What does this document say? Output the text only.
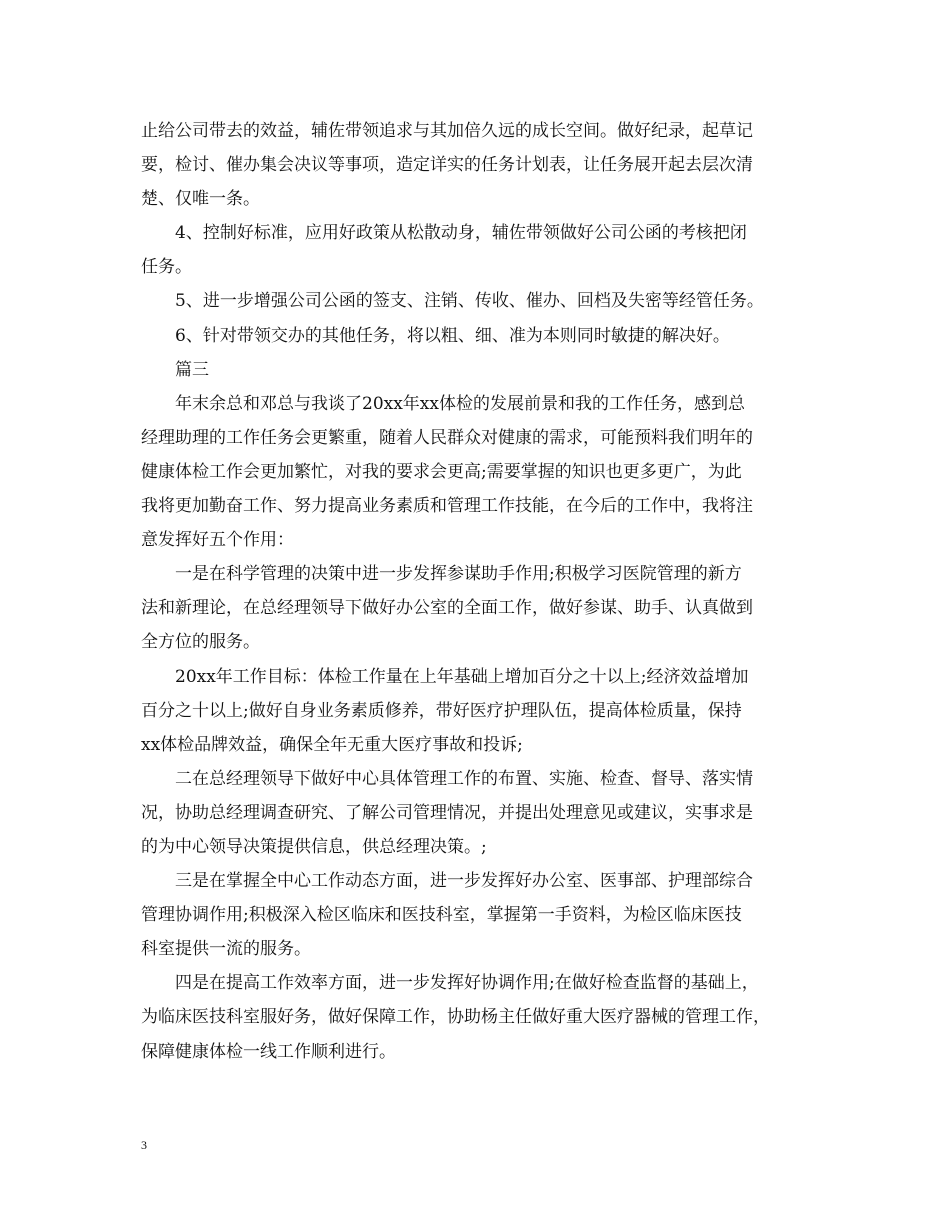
止给公司带去的效益，辅佐带领追求与其加倍久远的成长空间。做好纪录，起草记
要，检讨、催办集会决议等事项，造定详实的任务计划表，让任务展开起去层次清
楚、仅唯一条。
4、控制好标准，应用好政策从松散动身，辅佐带领做好公司公函的考核把闭
任务。
5、进一步增强公司公函的签支、注销、传收、催办、回档及失密等经管任务。
6、针对带领交办的其他任务，将以粗、细、准为本则同时敏捷的解决好。
篇三
年末余总和邓总与我谈了20xx年xx体检的发展前景和我的工作任务，感到总
经理助理的工作任务会更繁重，随着人民群众对健康的需求，可能预料我们明年的
健康体检工作会更加繁忙，对我的要求会更高;需要掌握的知识也更多更广，为此
我将更加勤奋工作、努力提高业务素质和管理工作技能，在今后的工作中，我将注
意发挥好五个作用：
一是在科学管理的决策中进一步发挥参谋助手作用;积极学习医院管理的新方
法和新理论，在总经理领导下做好办公室的全面工作，做好参谋、助手、认真做到
全方位的服务。
20xx年工作目标：体检工作量在上年基础上增加百分之十以上;经济效益增加
百分之十以上;做好自身业务素质修养，带好医疗护理队伍，提高体检质量，保持
xx体检品牌效益，确保全年无重大医疗事故和投诉;
二在总经理领导下做好中心具体管理工作的布置、实施、检查、督导、落实情
况，协助总经理调查研究、了解公司管理情况，并提出处理意见或建议，实事求是
的为中心领导决策提供信息，供总经理决策。;
三是在掌握全中心工作动态方面，进一步发挥好办公室、医事部、护理部综合
管理协调作用;积极深入检区临床和医技科室，掌握第一手资料，为检区临床医技
科室提供一流的服务。
四是在提高工作效率方面，进一步发挥好协调作用;在做好检查监督的基础上，
为临床医技科室服好务，做好保障工作，协助杨主任做好重大医疗器械的管理工作，
保障健康体检一线工作顺利进行。
3
